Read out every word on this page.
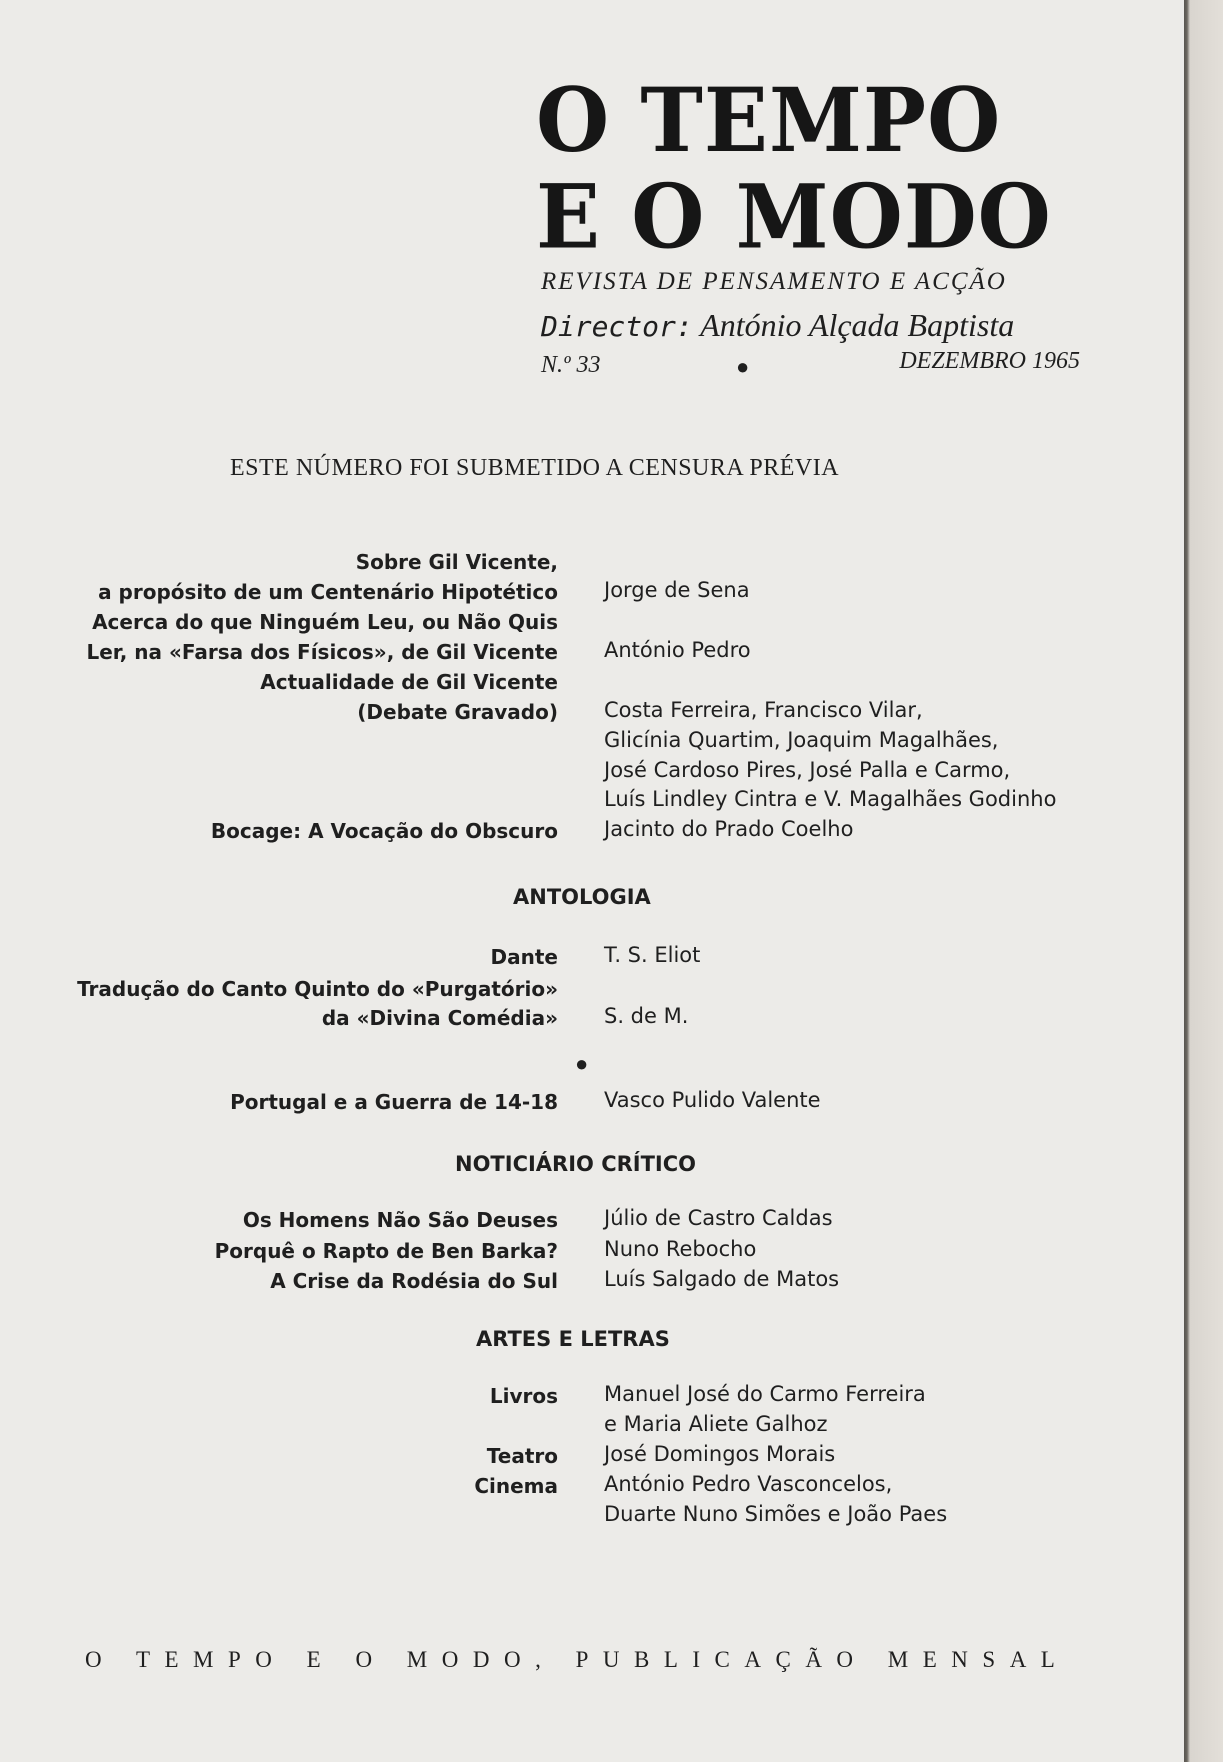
O TEMPO
E O MODO
REVISTA DE PENSAMENTO E ACÇÃO
Director: António Alçada Baptista
N.º 33	●	DEZEMBRO 1965
ESTE NÚMERO FOI SUBMETIDO A CENSURA PRÉVIA
Sobre Gil Vicente,
a propósito de um Centenário Hipotético Jorge de Sena
Acerca do que Ninguém Leu, ou Não Quis
Ler, na «Farsa dos Físicos», de Gil Vicente António Pedro
Actualidade de Gil Vicente
(Debate Gravado) Costa Ferreira, Francisco Vilar,
Glicínia Quartim, Joaquim Magalhães,
José Cardoso Pires, José Palla e Carmo,
Luís Lindley Cintra e V. Magalhães Godinho
Bocage: A Vocação do Obscuro Jacinto do Prado Coelho
ANTOLOGIA
Dante T. S. Eliot
Tradução do Canto Quinto do «Purgatório»
da «Divina Comédia» S. de M.
●
Portugal e a Guerra de 14-18 Vasco Pulido Valente
NOTICIÁRIO CRÍTICO
Os Homens Não São Deuses Júlio de Castro Caldas
Porquê o Rapto de Ben Barka? Nuno Rebocho
A Crise da Rodésia do Sul Luís Salgado de Matos
ARTES E LETRAS
Livros Manuel José do Carmo Ferreira
e Maria Aliete Galhoz
Teatro José Domingos Morais
Cinema António Pedro Vasconcelos,
Duarte Nuno Simões e João Paes
O TEMPO E O MODO, PUBLICAÇÃO MENSAL
